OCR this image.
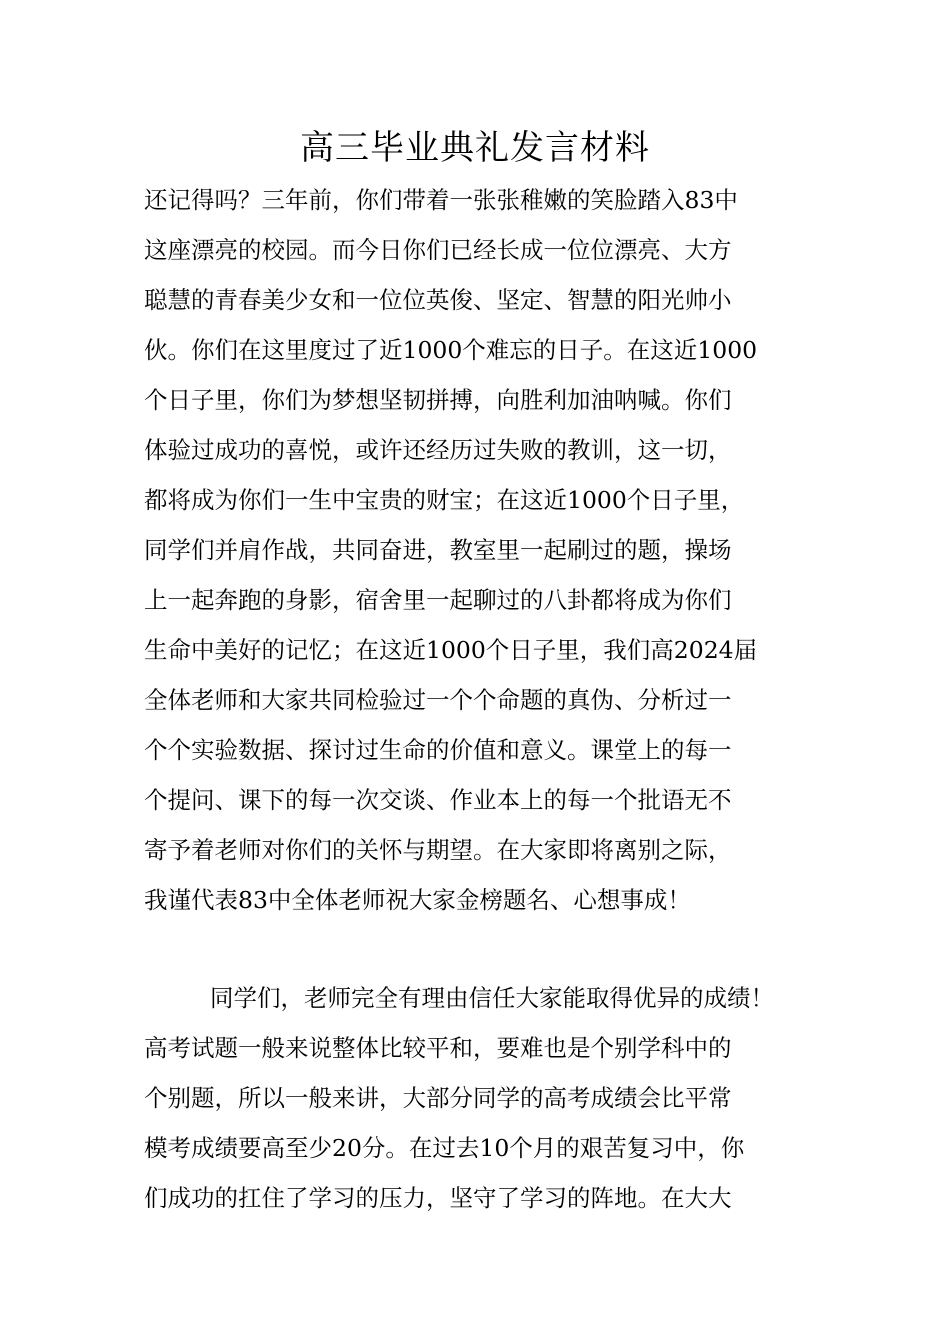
高三毕业典礼发言材料
还记得吗？三年前，你们带着一张张稚嫩的笑脸踏入83中
这座漂亮的校园。而今日你们已经长成一位位漂亮、大方
聪慧的青春美少女和一位位英俊、坚定、智慧的阳光帅小
伙。你们在这里度过了近1000个难忘的日子。在这近1000
个日子里，你们为梦想坚韧拼搏，向胜利加油呐喊。你们
体验过成功的喜悦，或许还经历过失败的教训，这一切，
都将成为你们一生中宝贵的财宝；在这近1000个日子里，
同学们并肩作战，共同奋进，教室里一起刷过的题，操场
上一起奔跑的身影，宿舍里一起聊过的八卦都将成为你们
生命中美好的记忆；在这近1000个日子里，我们高2024届
全体老师和大家共同检验过一个个命题的真伪、分析过一
个个实验数据、探讨过生命的价值和意义。课堂上的每一
个提问、课下的每一次交谈、作业本上的每一个批语无不
寄予着老师对你们的关怀与期望。在大家即将离别之际，
我谨代表83中全体老师祝大家金榜题名、心想事成！
同学们，老师完全有理由信任大家能取得优异的成绩！
高考试题一般来说整体比较平和，要难也是个别学科中的
个别题，所以一般来讲，大部分同学的高考成绩会比平常
模考成绩要高至少20分。在过去10个月的艰苦复习中，你
们成功的扛住了学习的压力，坚守了学习的阵地。在大大
